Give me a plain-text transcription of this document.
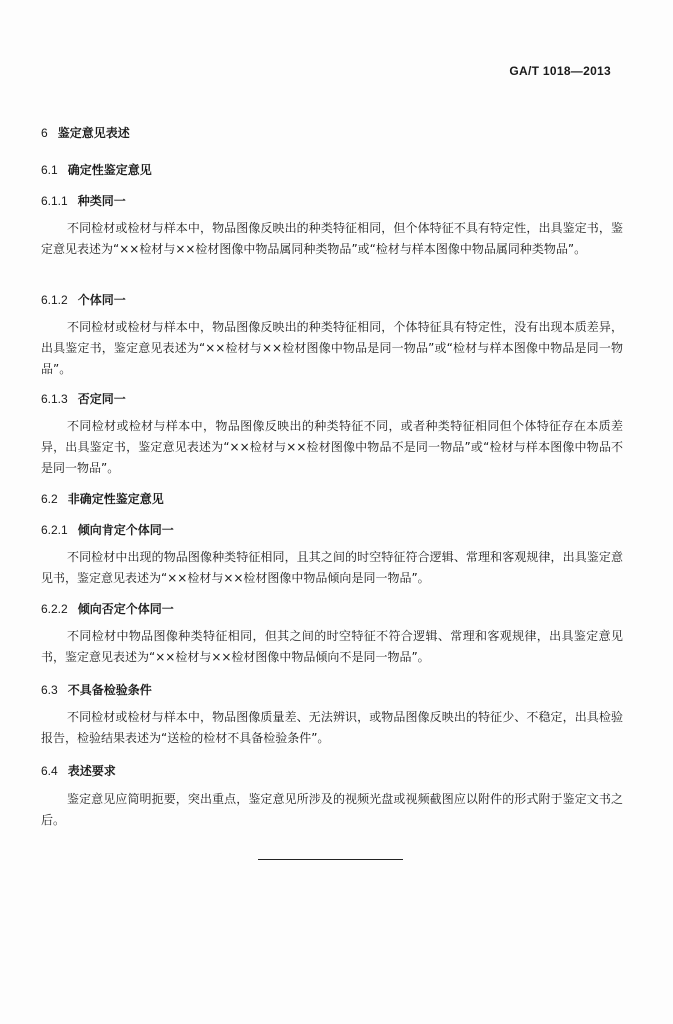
GA/T 1018—2013
6 鉴定意见表述
6.1 确定性鉴定意见
6.1.1 种类同一
不同检材或检材与样本中，物品图像反映出的种类特征相同，但个体特征不具有特定性，出具鉴定书，鉴定意见表述为“××检材与××检材图像中物品属同种类物品”或“检材与样本图像中物品属同种类物品”。
6.1.2 个体同一
不同检材或检材与样本中，物品图像反映出的种类特征相同，个体特征具有特定性，没有出现本质差异，出具鉴定书，鉴定意见表述为“××检材与××检材图像中物品是同一物品”或“检材与样本图像中物品是同一物品”。
6.1.3 否定同一
不同检材或检材与样本中，物品图像反映出的种类特征不同，或者种类特征相同但个体特征存在本质差异，出具鉴定书，鉴定意见表述为“××检材与××检材图像中物品不是同一物品”或“检材与样本图像中物品不是同一物品”。
6.2 非确定性鉴定意见
6.2.1 倾向肯定个体同一
不同检材中出现的物品图像种类特征相同，且其之间的时空特征符合逻辑、常理和客观规律，出具鉴定意见书，鉴定意见表述为“××检材与××检材图像中物品倾向是同一物品”。
6.2.2 倾向否定个体同一
不同检材中物品图像种类特征相同，但其之间的时空特征不符合逻辑、常理和客观规律，出具鉴定意见书，鉴定意见表述为“××检材与××检材图像中物品倾向不是同一物品”。
6.3 不具备检验条件
不同检材或检材与样本中，物品图像质量差、无法辨识，或物品图像反映出的特征少、不稳定，出具检验报告，检验结果表述为“送检的检材不具备检验条件”。
6.4 表述要求
鉴定意见应简明扼要，突出重点，鉴定意见所涉及的视频光盘或视频截图应以附件的形式附于鉴定文书之后。
